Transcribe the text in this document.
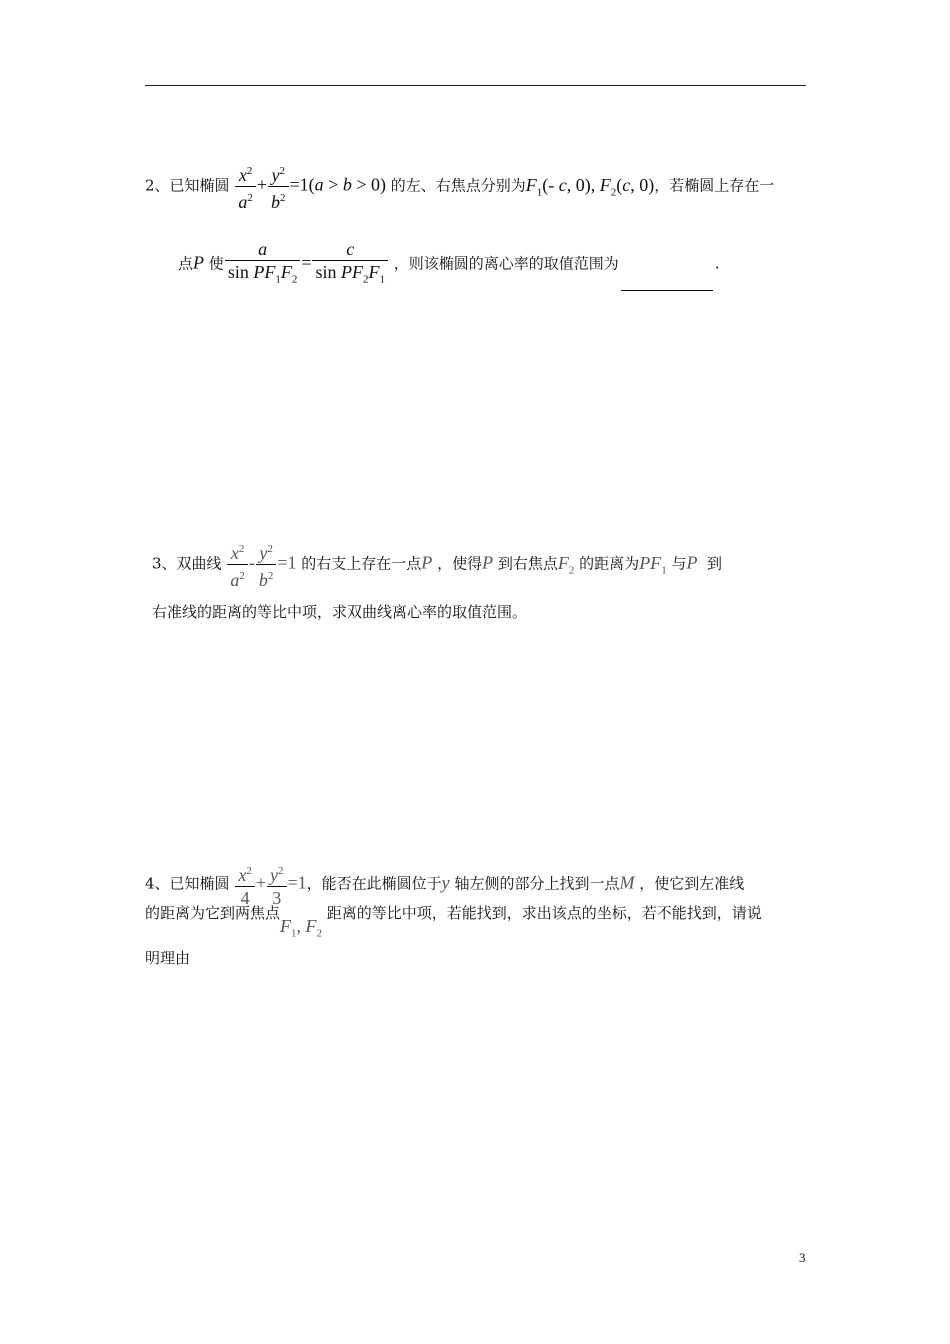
2、已知椭圆 $\frac{x^2}{a^2} + \frac{y^2}{b^2} =1(a > b > 0)$ 的左、右焦点分别为$F_1(-$ c, 0), $F_2(c$, 0)，若椭圆上存在一
点P 使 $\frac{a}{\sin PF_1F_2} = \frac{c}{\sin PF_2F_1}$ ，则该椭圆的离心率的取值范围为	.
3、双曲线 $\frac{x^2}{a^2} - \frac{y^2}{b^2} =1$ 的右支上存在一点P ，使得P 到右焦点$F_2$ 的距离为$PF_1$ 与P 到
右准线的距离的等比中项，求双曲线离心率的取值范围。
4、已知椭圆 $\frac{x^2}{4} + \frac{y^2}{3} =1$，能否在此椭圆位于y 轴左侧的部分上找到一点M ，使它到左准线
的距离为它到两焦点$F_1$, $F_2$ 距离的等比中项，若能找到，求出该点的坐标，若不能找到，请说
明理由
3
